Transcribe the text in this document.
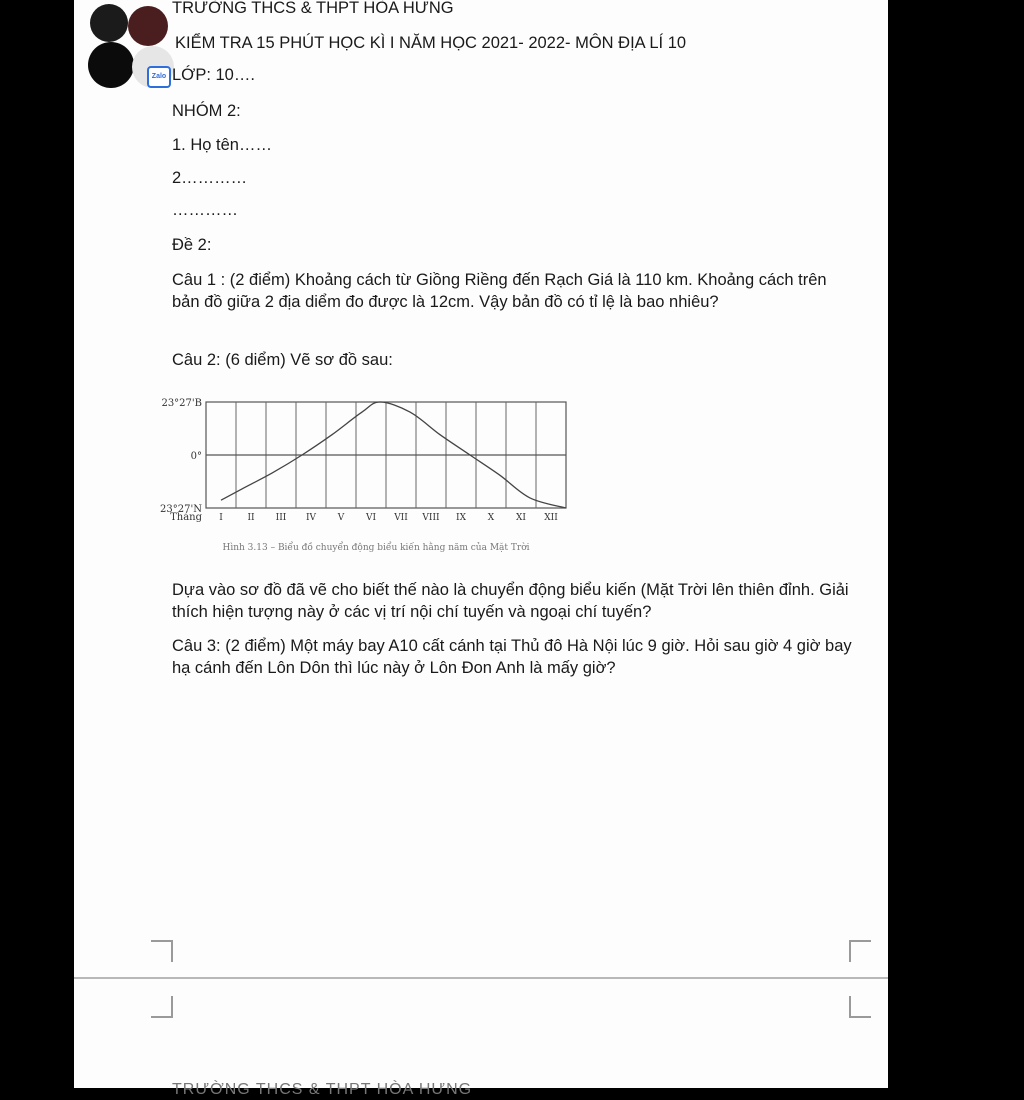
Zalo

TRƯỜNG THCS & THPT HÒA HƯNG

KIỂM TRA 15 PHÚT HỌC KÌ I NĂM HỌC 2021- 2022- MÔN ĐỊA LÍ 10

LỚP: 10….

NHÓM 2:

1. Họ tên……

2…………

…………

Đề 2:

Câu 1 : (2 điểm) Khoảng cách từ Giồng Riềng đến Rạch Giá là 110 km. Khoảng cách trên bản đồ giữa 2 địa diểm đo được là 12cm. Vậy bản đồ có tỉ lệ là bao nhiêu?

Câu 2: (6 diểm) Vẽ sơ đồ sau:

23°27'N
0°
23°27'B
Tháng I	II III IV V VI VII VIII IX X XI XII
Hình 3.13 – Biểu đồ chuyển động biểu kiến hằng năm của Mặt Trời

Dựa vào sơ đồ đã vẽ cho biết thế nào là chuyển động biểu kiến (Mặt Trời lên thiên đỉnh. Giải thích hiện tượng này ở các vị trí nội chí tuyến và ngoại chí tuyến?

Câu 3: (2 điểm) Một máy bay A10 cất cánh tại Thủ đô Hà Nội lúc 9 giờ. Hỏi sau giờ 4 giờ bay hạ cánh đến Lôn Dôn thì lúc này ở Lôn Đon Anh là mấy giờ?

TRƯỜNG THCS & THPT HÒA HƯNG
